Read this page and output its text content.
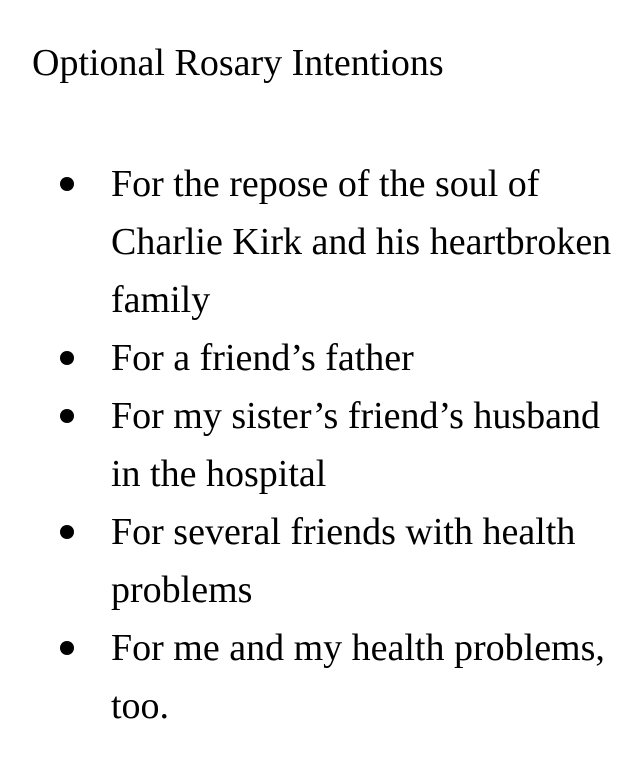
Optional Rosary Intentions
For the repose of the soul of Charlie Kirk and his heartbroken family
For a friend’s father
For my sister’s friend’s husband in the hospital
For several friends with health problems
For me and my health problems, too.
